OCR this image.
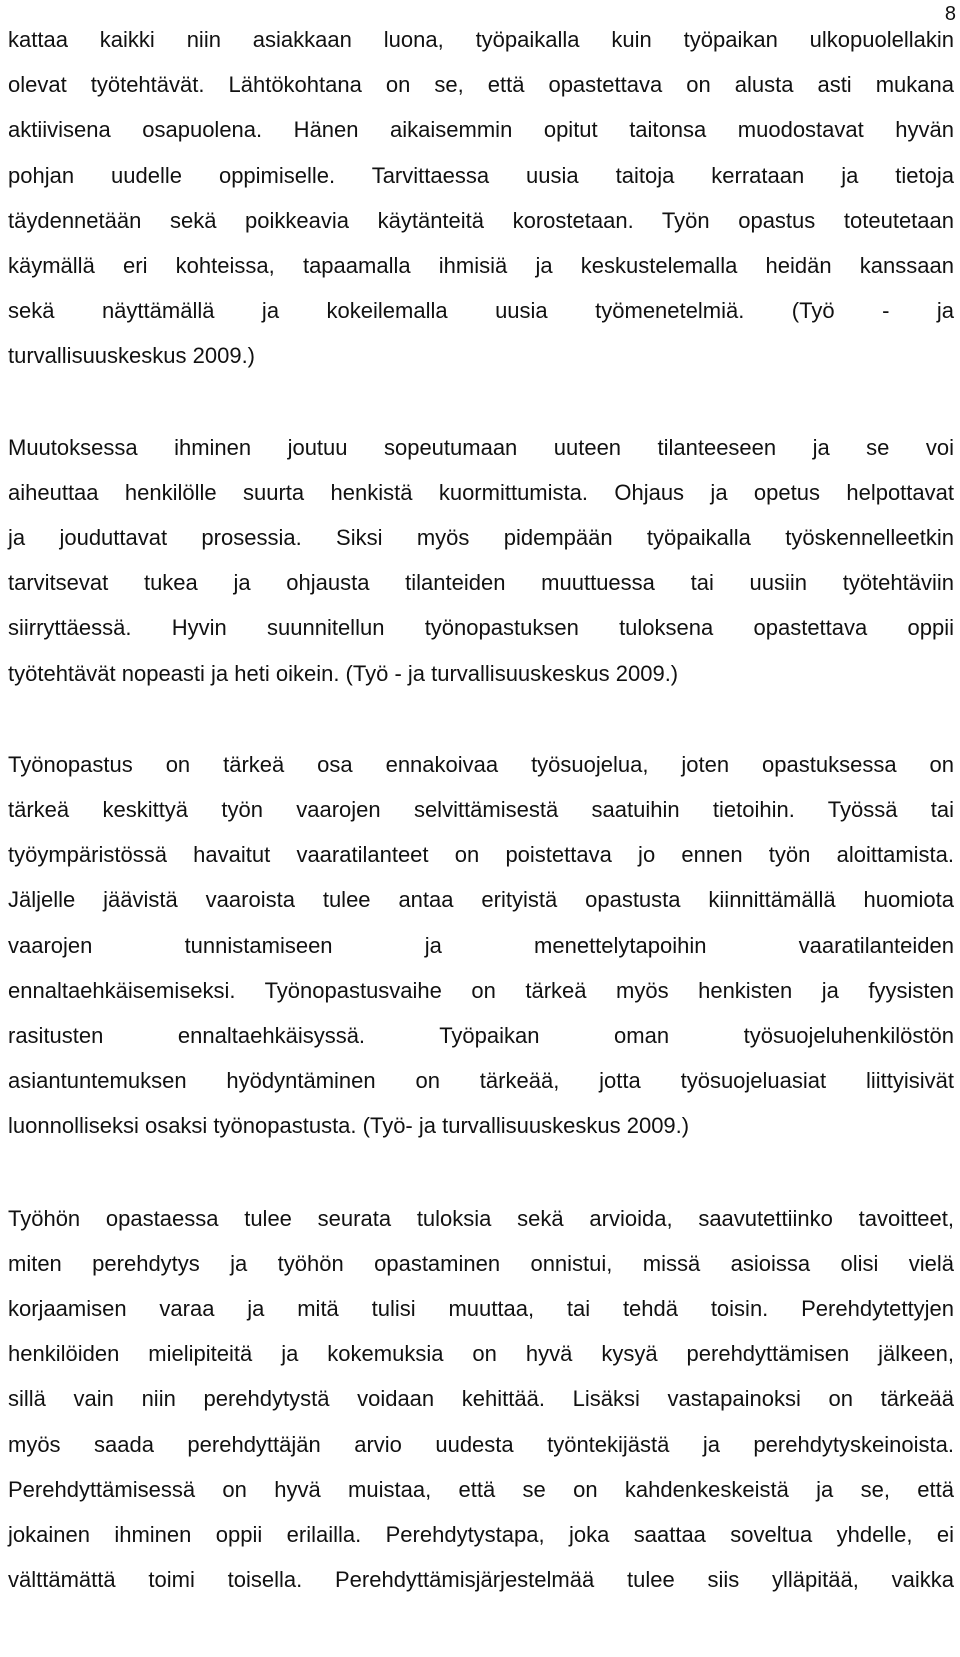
8

kattaa kaikki niin asiakkaan luona, työpaikalla kuin työpaikan ulkopuolellakin
olevat työtehtävät. Lähtökohtana on se, että opastettava on alusta asti mukana
aktiivisena osapuolena. Hänen aikaisemmin opitut taitonsa muodostavat hyvän
pohjan uudelle oppimiselle. Tarvittaessa uusia taitoja kerrataan ja tietoja
täydennetään sekä poikkeavia käytänteitä korostetaan. Työn opastus toteutetaan
käymällä eri kohteissa, tapaamalla ihmisiä ja keskustelemalla heidän kanssaan
sekä näyttämällä ja kokeilemalla uusia työmenetelmiä. (Työ - ja
turvallisuuskeskus 2009.)

Muutoksessa ihminen joutuu sopeutumaan uuteen tilanteeseen ja se voi
aiheuttaa henkilölle suurta henkistä kuormittumista. Ohjaus ja opetus helpottavat
ja jouduttavat prosessia. Siksi myös pidempään työpaikalla työskennelleetkin
tarvitsevat tukea ja ohjausta tilanteiden muuttuessa tai uusiin työtehtäviin
siirryttäessä. Hyvin suunnitellun työnopastuksen tuloksena opastettava oppii
työtehtävät nopeasti ja heti oikein. (Työ - ja turvallisuuskeskus 2009.)

Työnopastus on tärkeä osa ennakoivaa työsuojelua, joten opastuksessa on
tärkeä keskittyä työn vaarojen selvittämisestä saatuihin tietoihin. Työssä tai
työympäristössä havaitut vaaratilanteet on poistettava jo ennen työn aloittamista.
Jäljelle jäävistä vaaroista tulee antaa erityistä opastusta kiinnittämällä huomiota
vaarojen tunnistamiseen ja menettelytapoihin vaaratilanteiden
ennaltaehkäisemiseksi. Työnopastusvaihe on tärkeä myös henkisten ja fyysisten
rasitusten ennaltaehkäisyssä. Työpaikan oman työsuojeluhenkilöstön
asiantuntemuksen hyödyntäminen on tärkeää, jotta työsuojeluasiat liittyisivät
luonnolliseksi osaksi työnopastusta. (Työ- ja turvallisuuskeskus 2009.)

Työhön opastaessa tulee seurata tuloksia sekä arvioida, saavutettiinko tavoitteet,
miten perehdytys ja työhön opastaminen onnistui, missä asioissa olisi vielä
korjaamisen varaa ja mitä tulisi muuttaa, tai tehdä toisin. Perehdytettyjen
henkilöiden mielipiteitä ja kokemuksia on hyvä kysyä perehdyttämisen jälkeen,
sillä vain niin perehdytystä voidaan kehittää. Lisäksi vastapainoksi on tärkeää
myös saada perehdyttäjän arvio uudesta työntekijästä ja perehdytyskeinoista.
Perehdyttämisessä on hyvä muistaa, että se on kahdenkeskeistä ja se, että
jokainen ihminen oppii erilailla. Perehdytystapa, joka saattaa soveltua yhdelle, ei
välttämättä toimi toisella. Perehdyttämisjärjestelmää tulee siis ylläpitää, vaikka
